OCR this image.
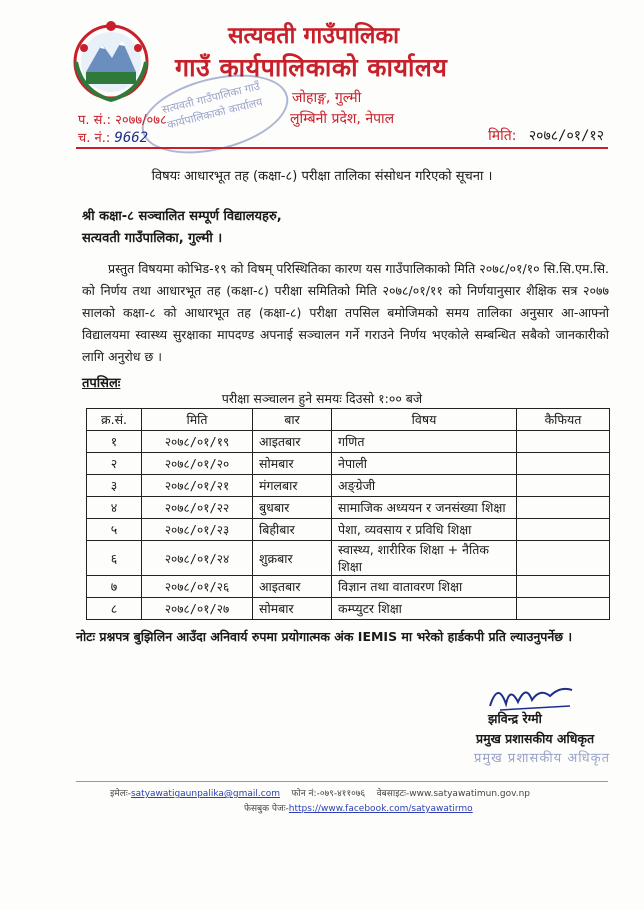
सत्यवती गाउँपालिका
गाउँ कार्यपालिकाको कार्यालय
जोहाङ्ग, गुल्मी
लुम्बिनी प्रदेश, नेपाल
सत्यवती गाउँपालिका गाउँ कार्यपालिकाको कार्यालय
प. सं.: २०७७/०७८
च. नं.: 9662	मिति: २०७८/०१/१२
विषयः आधारभूत तह (कक्षा-८) परीक्षा तालिका संसोधन गरिएको सूचना ।
श्री कक्षा-८ सञ्चालित सम्पूर्ण विद्यालयहरु,
सत्यवती गाउँपालिका, गुल्मी ।
प्रस्तुत विषयमा कोभिड-१९ को विषम् परिस्थितिका कारण यस गाउँपालिकाको मिति २०७८/०१/१० सि.सि.एम.सि. को निर्णय तथा आधारभूत तह (कक्षा-८) परीक्षा समितिको मिति २०७८/०१/११ को निर्णयानुसार शैक्षिक सत्र २०७७ सालको कक्षा-८ को आधारभूत तह (कक्षा-८) परीक्षा तपसिल बमोजिमको समय तालिका अनुसार आ-आफ्नो विद्यालयमा स्वास्थ्य सुरक्षाका मापदण्ड अपनाई सञ्चालन गर्ने गराउने निर्णय भएकोले सम्बन्धित सबैको जानकारीको लागि अनुरोध छ ।
तपसिलः
परीक्षा सञ्चालन हुने समयः दिउसो १:०० बजे
क्र.सं.	मिति	बार	विषय	कैफियत
१	२०७८/०१/१९	आइतबार	गणित	
२	२०७८/०१/२०	सोमबार	नेपाली	
३	२०७८/०१/२१	मंगलबार	अङ्ग्रेजी	
४	२०७८/०१/२२	बुधबार	सामाजिक अध्ययन र जनसंख्या शिक्षा	
५	२०७८/०१/२३	बिहीबार	पेशा, व्यवसाय र प्रविधि शिक्षा	
६	२०७८/०१/२४	शुक्रबार	स्वास्थ्य, शारीरिक शिक्षा + नैतिक शिक्षा	
७	२०७८/०१/२६	आइतबार	विज्ञान तथा वातावरण शिक्षा	
८	२०७८/०१/२७	सोमबार	कम्प्युटर शिक्षा	
नोटः प्रश्नपत्र बुझिलिन आउँदा अनिवार्य रुपमा प्रयोगात्मक अंक IEMIS मा भरेको हार्डकपी प्रति ल्याउनुपर्नेछ ।
झविन्द्र रेग्मी
प्रमुख प्रशासकीय अधिकृत
प्रमुख प्रशासकीय अधिकृत
इमेलः-satyawatigaunpalika@gmail.com फोन नं:-०७९-४११०७६ वेबसाइटः-www.satyawatimun.gov.np
फेसबुक पेजः-https://www.facebook.com/satyawatirmo
